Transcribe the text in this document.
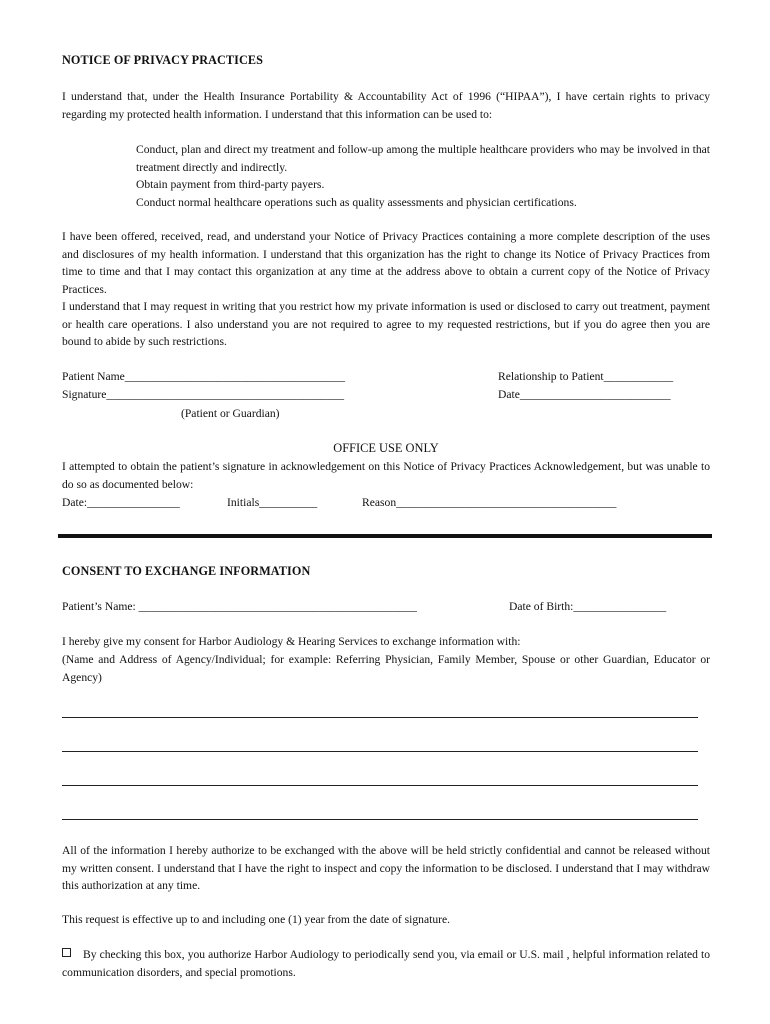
NOTICE OF PRIVACY PRACTICES
I understand that, under the Health Insurance Portability & Accountability Act of 1996 (“HIPAA”), I have certain rights to privacy regarding my protected health information. I understand that this information can be used to:
Conduct, plan and direct my treatment and follow-up among the multiple healthcare providers who may be involved in that treatment directly and indirectly.
Obtain payment from third-party payers.
Conduct normal healthcare operations such as quality assessments and physician certifications.
I have been offered, received, read, and understand your Notice of Privacy Practices containing a more complete description of the uses and disclosures of my health information. I understand that this organization has the right to change its Notice of Privacy Practices from time to time and that I may contact this organization at any time at the address above to obtain a current copy of the Notice of Privacy Practices.
I understand that I may request in writing that you restrict how my private information is used or disclosed to carry out treatment, payment or health care operations. I also understand you are not required to agree to my requested restrictions, but if you do agree then you are bound to abide by such restrictions.
Patient Name______________________________________	Relationship to Patient____________
Signature_________________________________________	Date__________________________
(Patient or Guardian)
OFFICE USE ONLY
I attempted to obtain the patient’s signature in acknowledgement on this Notice of Privacy Practices Acknowledgement, but was unable to do so as documented below:
Date:________________	Initials__________	Reason______________________________________
CONSENT TO EXCHANGE INFORMATION
Patient’s Name: ________________________________________________	Date of Birth:________________
I hereby give my consent for Harbor Audiology & Hearing Services to exchange information with:
(Name and Address of Agency/Individual; for example: Referring Physician, Family Member, Spouse or other Guardian, Educator or Agency)
All of the information I hereby authorize to be exchanged with the above will be held strictly confidential and cannot be released without my written consent. I understand that I have the right to inspect and copy the information to be disclosed. I understand that I may withdraw this authorization at any time.
This request is effective up to and including one (1) year from the date of signature.
By checking this box, you authorize Harbor Audiology to periodically send you, via email or U.S. mail , helpful information related to communication disorders, and special promotions.
